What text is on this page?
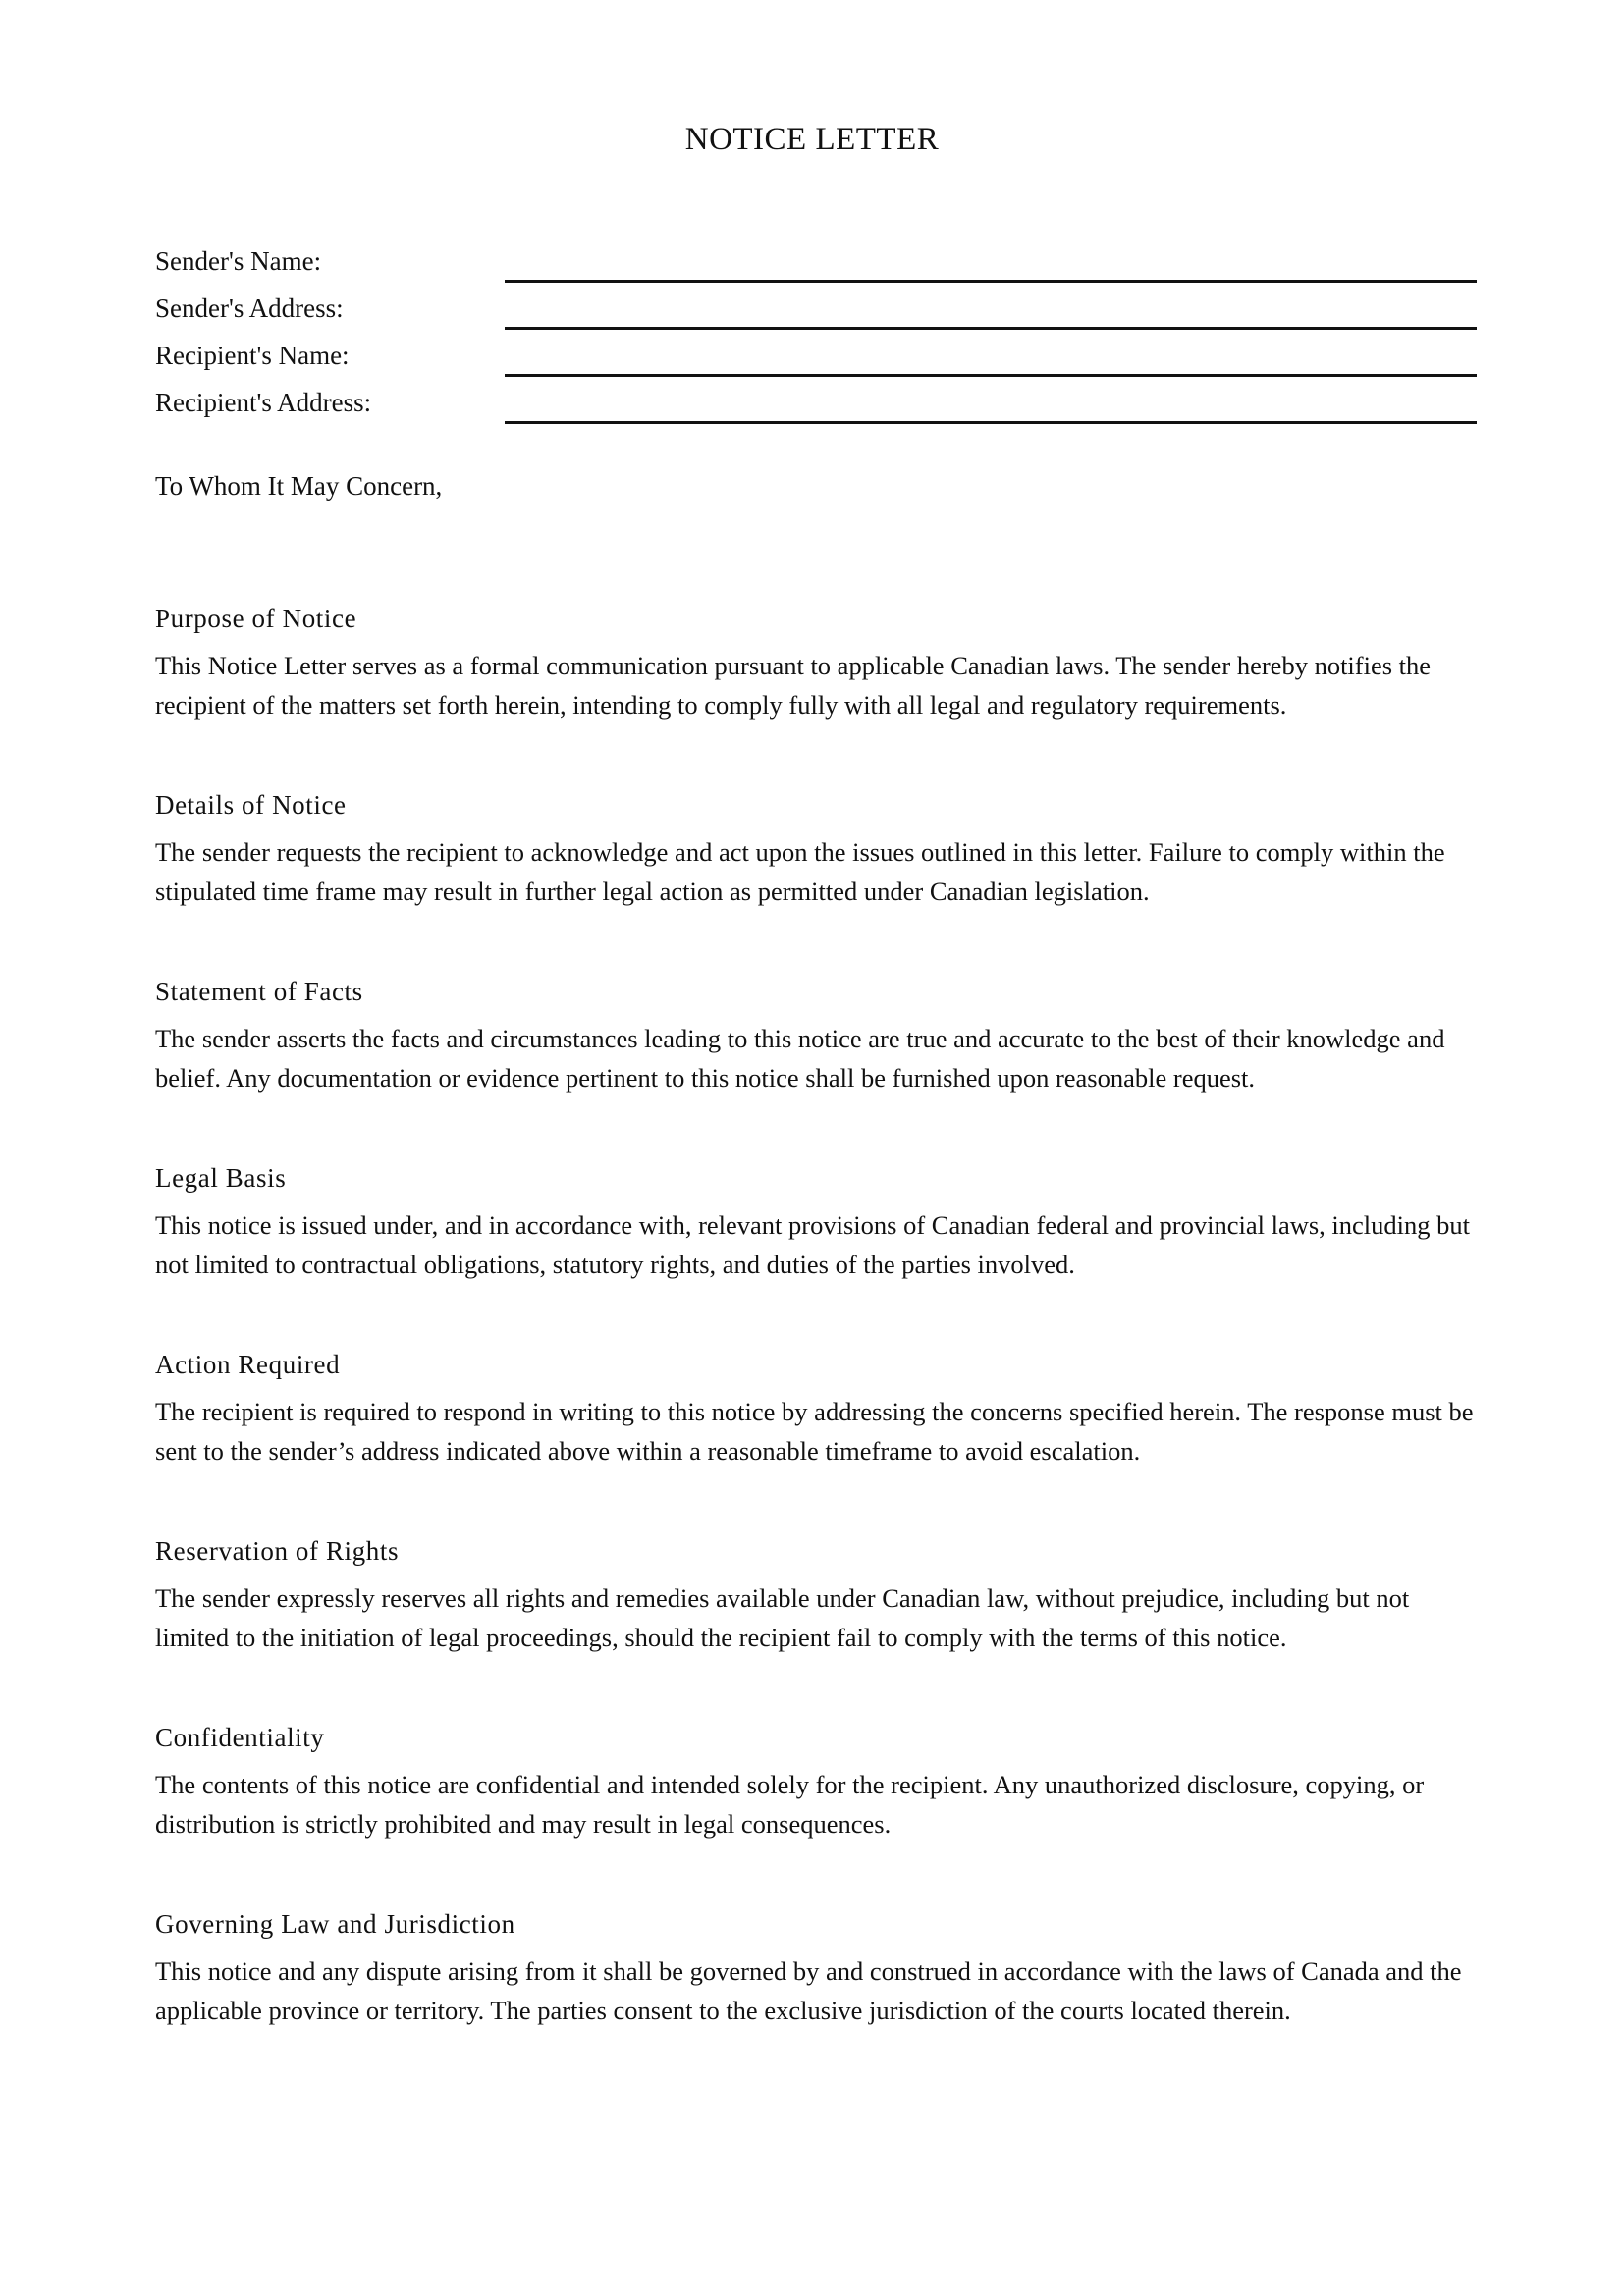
NOTICE LETTER
Sender's Name:
Sender's Address:
Recipient's Name:
Recipient's Address:
To Whom It May Concern,
Purpose of Notice

This Notice Letter serves as a formal communication pursuant to applicable Canadian laws. The sender hereby notifies the recipient of the matters set forth herein, intending to comply fully with all legal and regulatory requirements.

Details of Notice

The sender requests the recipient to acknowledge and act upon the issues outlined in this letter. Failure to comply within the stipulated time frame may result in further legal action as permitted under Canadian legislation.

Statement of Facts

The sender asserts the facts and circumstances leading to this notice are true and accurate to the best of their knowledge and belief. Any documentation or evidence pertinent to this notice shall be furnished upon reasonable request.

Legal Basis

This notice is issued under, and in accordance with, relevant provisions of Canadian federal and provincial laws, including but not limited to contractual obligations, statutory rights, and duties of the parties involved.

Action Required

The recipient is required to respond in writing to this notice by addressing the concerns specified herein. The response must be sent to the sender’s address indicated above within a reasonable timeframe to avoid escalation.

Reservation of Rights

The sender expressly reserves all rights and remedies available under Canadian law, without prejudice, including but not limited to the initiation of legal proceedings, should the recipient fail to comply with the terms of this notice.

Confidentiality

The contents of this notice are confidential and intended solely for the recipient. Any unauthorized disclosure, copying, or distribution is strictly prohibited and may result in legal consequences.

Governing Law and Jurisdiction

This notice and any dispute arising from it shall be governed by and construed in accordance with the laws of Canada and the applicable province or territory. The parties consent to the exclusive jurisdiction of the courts located therein.
